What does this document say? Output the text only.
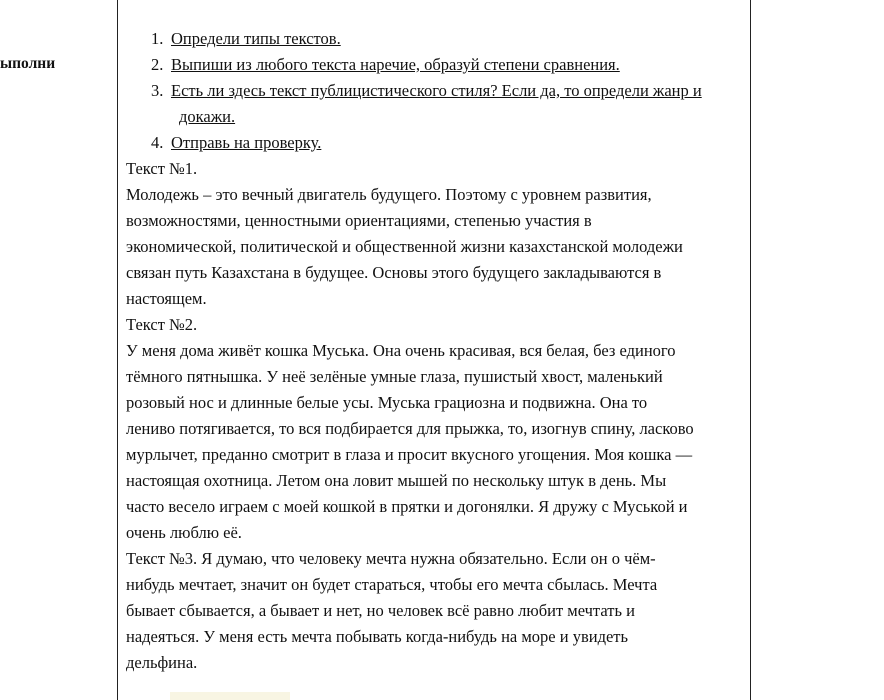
ыполни
1. Определи типы текстов.
2. Выпиши из любого текста наречие, образуй степени сравнения.
3. Есть ли здесь текст публицистического стиля? Если да, то определи жанр и
докажи.
4. Отправь на проверку.

Текст №1.

Молодежь – это вечный двигатель будущего. Поэтому с уровнем развития,

возможностями, ценностными ориентациями, степенью участия в

экономической, политической и общественной жизни казахстанской молодежи

связан путь Казахстана в будущее. Основы этого будущего закладываются в

настоящем.

Текст №2.

У меня дома живёт кошка Муська. Она очень красивая, вся белая, без единого

тёмного пятнышка. У неё зелёные умные глаза, пушистый хвост, маленький

розовый нос и длинные белые усы. Муська грациозна и подвижна. Она то

лениво потягивается, то вся подбирается для прыжка, то, изогнув спину, ласково

мурлычет, преданно смотрит в глаза и просит вкусного угощения. Моя кошка —

настоящая охотница. Летом она ловит мышей по нескольку штук в день. Мы

часто весело играем с моей кошкой в прятки и догонялки. Я дружу с Муськой и

очень люблю её.

Текст №3. Я думаю, что человеку мечта нужна обязательно. Если он о чём-

нибудь мечтает, значит он будет стараться, чтобы его мечта сбылась. Мечта

бывает сбывается, а бывает и нет, но человек всё равно любит мечтать и

надеяться. У меня есть мечта побывать когда-нибудь на море и увидеть

дельфина.
